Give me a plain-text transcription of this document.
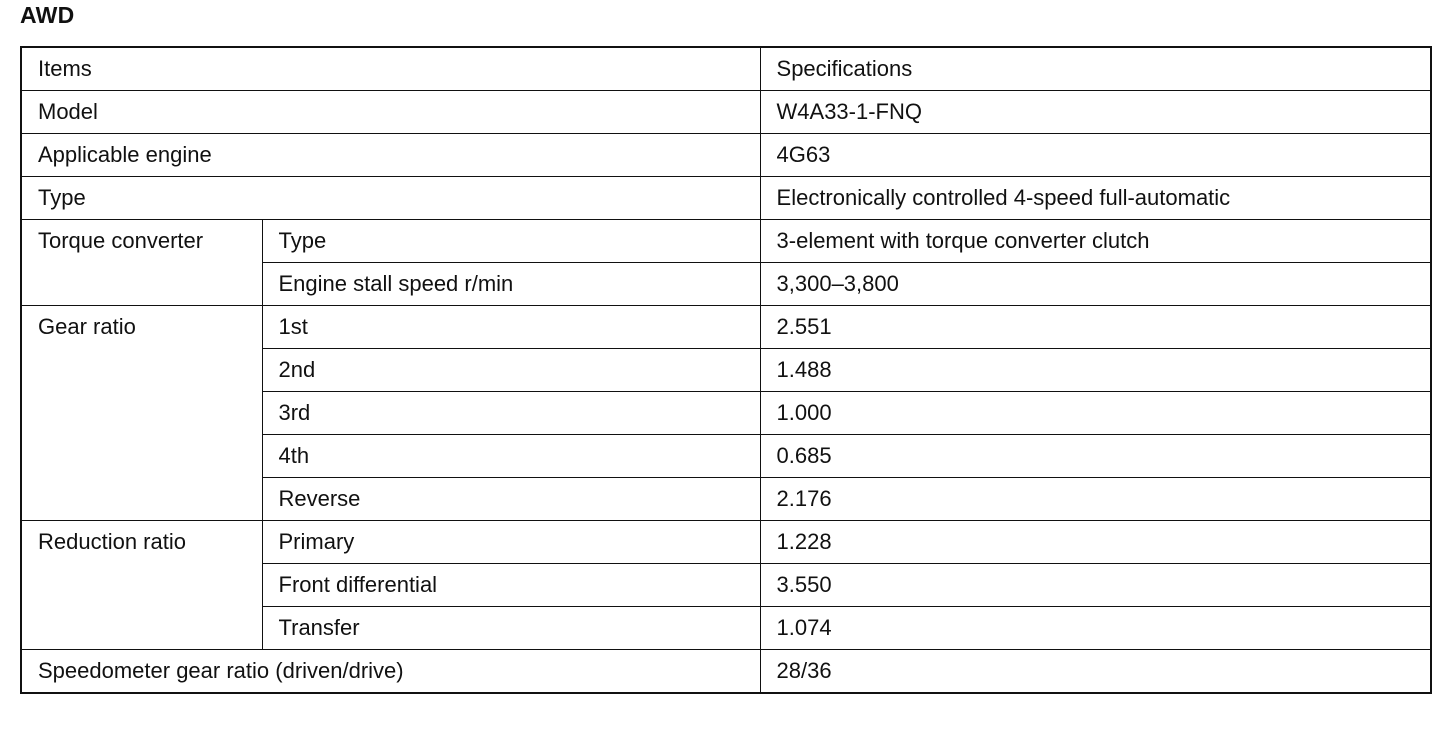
AWD
Items		Specifications
Model		W4A33-1-FNQ
Applicable engine		4G63
Type		Electronically controlled 4-speed full-automatic
Torque converter	Type	3-element with torque converter clutch
	Engine stall speed r/min	3,300–3,800
Gear ratio	1st	2.551
	2nd	1.488
	3rd	1.000
	4th	0.685
	Reverse	2.176
Reduction ratio	Primary	1.228
	Front differential	3.550
	Transfer	1.074
Speedometer gear ratio (driven/drive)		28/36
